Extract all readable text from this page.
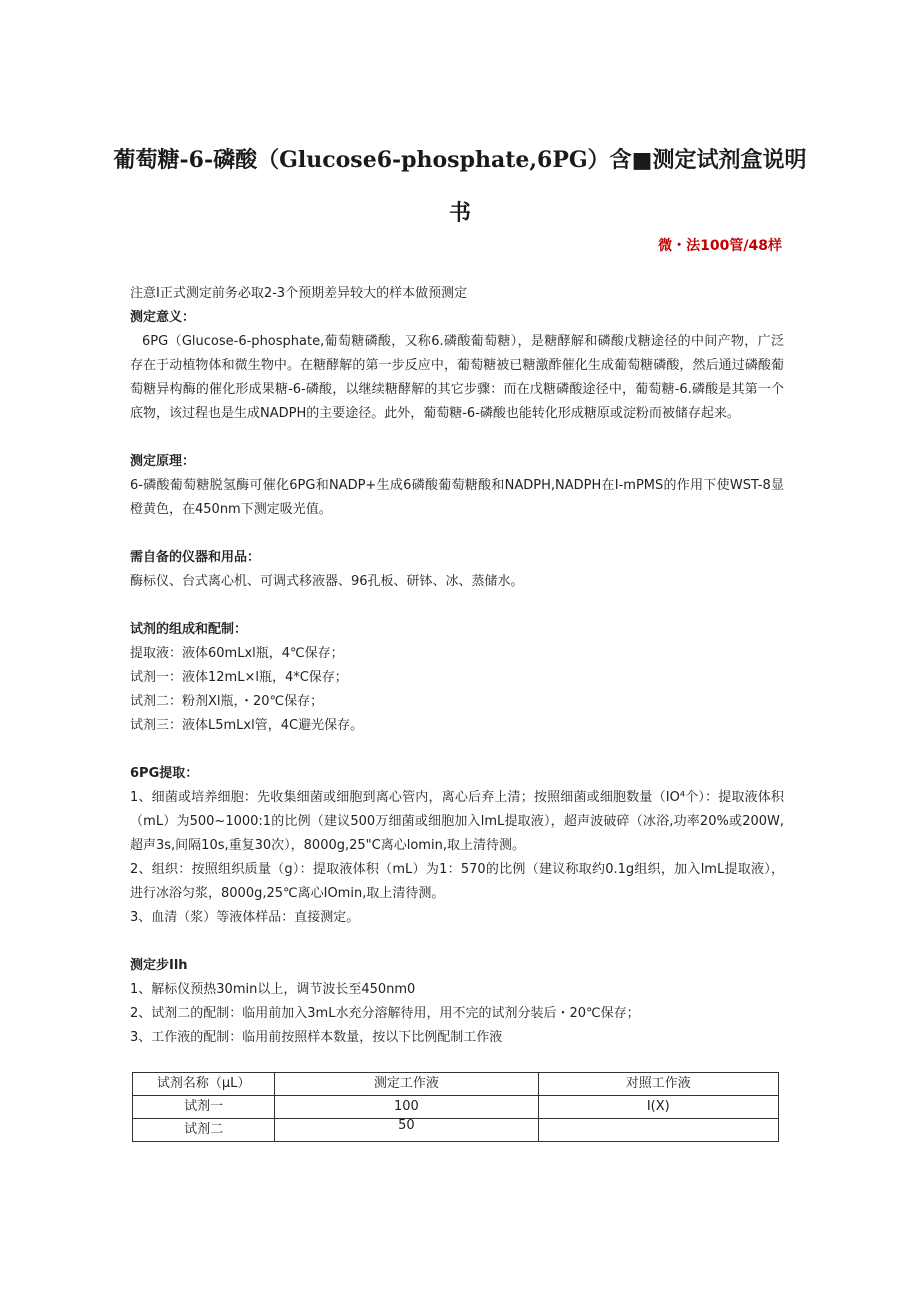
葡萄糖-6-磷酸（Glucose6-phosphate,6PG）含■测定试剂盒说明
书
微・法100管/48样

注意I正式测定前务必取2-3个预期差异较大的样本做预测定

测定意义：

6PG（Glucose-6-phosphate,葡萄糖磷酸，又称6.磷酸葡萄糖），是糖酵解和磷酸戊糖途径的中间产物，广泛存在于动植物体和微生物中。在糖酵解的第一步反应中，葡萄糖被已糖激酢催化生成葡萄糖磷酸，然后通过磷酸葡萄糖异构酶的催化形成果糖-6-磷酸，以继续糖酵解的其它步骤：而在戊糖磷酸途径中，葡萄糖-6.磷酸是其第一个底物，该过程也是生成NADPH的主要途径。此外，葡萄糖-6-磷酸也能转化形成糖原或淀粉而被储存起来。

测定原理：

6-磷酸葡萄糖脱氢酶可催化6PG和NADP+生成6磷酸葡萄糖酸和NADPH,NADPH在I-mPMS的作用下使WST-8显橙黄色，在450nm下测定吸光值。

需自备的仪器和用品：

酶标仪、台式离心机、可调式移液器、96孔板、研钵、冰、蒸储水。

试剂的组成和配制：

提取液：液体60mLxl瓶，4℃保存；

试剂一：液体12mL×l瓶，4*C保存；

试剂二：粉剂Xl瓶，・20℃保存；

试剂三：液体L5mLxl管，4C避光保存。

6PG提取：

1、细菌或培养细胞：先收集细菌或细胞到离心管内，离心后弃上清；按照细菌或细胞数量（IO⁴个）：提取液体积（mL）为500~1000:1的比例（建议500万细菌或细胞加入lmL提取液），超声波破碎（冰浴,功率20%或200W,超声3s,间隔10s,重复30次），8000g,25"C离心lomin,取上清待测。

2、组织：按照组织质量（g）：提取液体积（mL）为1：570的比例（建议称取约0.1g组织，加入lmL提取液），进行冰浴匀浆，8000g,25℃离心IOmin,取上清待测。

3、血清（浆）等液体样品：直接测定。

测定步Ilh

1、解标仪预热30min以上，调节波长至450nm0

2、试剂二的配制：临用前加入3mL水充分溶解待用，用不完的试剂分装后・20℃保存；

3、工作液的配制：临用前按照样本数量，按以下比例配制工作液

试剂名称（μL）	测定工作液	对照工作液
试剂一	100	I(X)
试剂二	50	
